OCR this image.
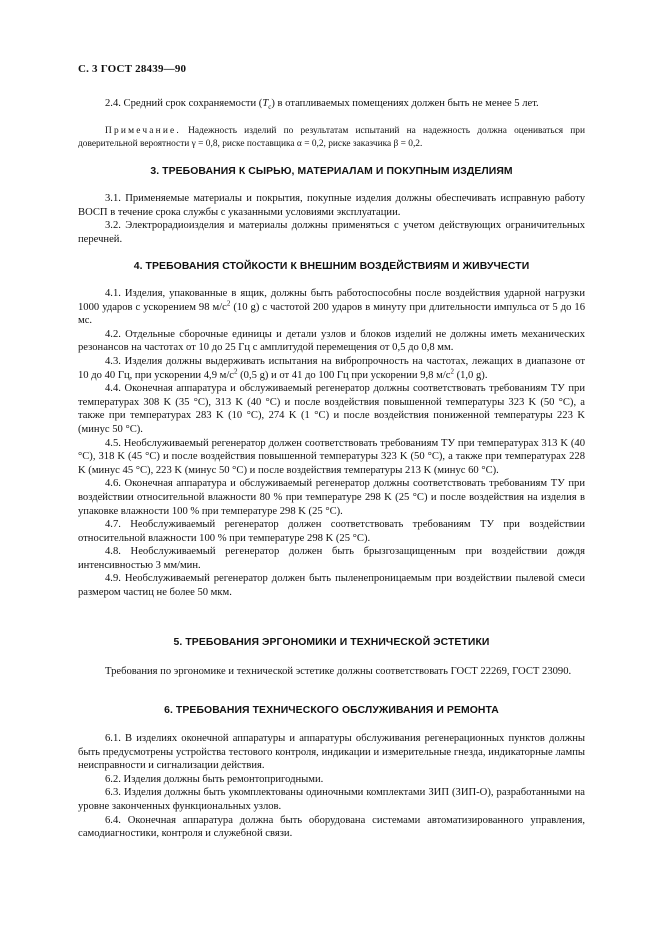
С. 3 ГОСТ 28439—90

2.4. Средний срок сохраняемости $(T_с)$ в отапливаемых помещениях должен быть не менее 5 лет.

Примечание. Надежность изделий по результатам испытаний на надежность должна оцениваться при доверительной вероятности γ = 0,8, риске поставщика α = 0,2, риске заказчика β = 0,2.

3. ТРЕБОВАНИЯ К СЫРЬЮ, МАТЕРИАЛАМ И ПОКУПНЫМ ИЗДЕЛИЯМ

3.1. Применяемые материалы и покрытия, покупные изделия должны обеспечивать исправную работу ВОСП в течение срока службы с указанными условиями эксплуатации.

3.2. Электрорадиоизделия и материалы должны применяться с учетом действующих ограничительных перечней.

4. ТРЕБОВАНИЯ СТОЙКОСТИ К ВНЕШНИМ ВОЗДЕЙСТВИЯМ И ЖИВУЧЕСТИ

4.1. Изделия, упакованные в ящик, должны быть работоспособны после воздействия ударной нагрузки 1000 ударов с ускорением 98 $м/с^2$ (10 g) с частотой 200 ударов в минуту при длительности импульса от 5 до 16 мс.

4.2. Отдельные сборочные единицы и детали узлов и блоков изделий не должны иметь механических резонансов на частотах от 10 до 25 Гц с амплитудой перемещения от 0,5 до 0,8 мм.

4.3. Изделия должны выдерживать испытания на вибропрочность на частотах, лежащих в диапазоне от 10 до 40 Гц, при ускорении 4,9 $м/с^2$ (0,5 g) и от 41 до 100 Гц при ускорении 9,8 $м/с^2$ (1,0 g).

4.4. Оконечная аппаратура и обслуживаемый регенератор должны соответствовать требованиям ТУ при температурах 308 K (35 °C), 313 K (40 °C) и после воздействия повышенной температуры 323 K (50 °C), а также при температурах 283 K (10 °C), 274 K (1 °C) и после воздействия пониженной температуры 223 K (минус 50 °C).

4.5. Необслуживаемый регенератор должен соответствовать требованиям ТУ при температурах 313 K (40 °C), 318 K (45 °C) и после воздействия повышенной температуры 323 K (50 °C), а также при температурах 228 K (минус 45 °C), 223 K (минус 50 °C) и после воздействия температуры 213 K (минус 60 °C).

4.6. Оконечная аппаратура и обслуживаемый регенератор должны соответствовать требованиям ТУ при воздействии относительной влажности 80 % при температуре 298 K (25 °C) и после воздействия на изделия в упаковке влажности 100 % при температуре 298 K (25 °C).

4.7. Необслуживаемый регенератор должен соответствовать требованиям ТУ при воздействии относительной влажности 100 % при температуре 298 K (25 °C).

4.8. Необслуживаемый регенератор должен быть брызгозащищенным при воздействии дождя интенсивностью 3 мм/мин.

4.9. Необслуживаемый регенератор должен быть пыленепроницаемым при воздействии пылевой смеси размером частиц не более 50 мкм.

5. ТРЕБОВАНИЯ ЭРГОНОМИКИ И ТЕХНИЧЕСКОЙ ЭСТЕТИКИ

Требования по эргономике и технической эстетике должны соответствовать ГОСТ 22269, ГОСТ 23090.

6. ТРЕБОВАНИЯ ТЕХНИЧЕСКОГО ОБСЛУЖИВАНИЯ И РЕМОНТА

6.1. В изделиях оконечной аппаратуры и аппаратуры обслуживания регенерационных пунктов должны быть предусмотрены устройства тестового контроля, индикации и измерительные гнезда, индикаторные лампы неисправности и сигнализации действия.

6.2. Изделия должны быть ремонтопригодными.

6.3. Изделия должны быть укомплектованы одиночными комплектами ЗИП (ЗИП-О), разработанными на уровне законченных функциональных узлов.

6.4. Оконечная аппаратура должна быть оборудована системами автоматизированного управления, самодиагностики, контроля и служебной связи.
